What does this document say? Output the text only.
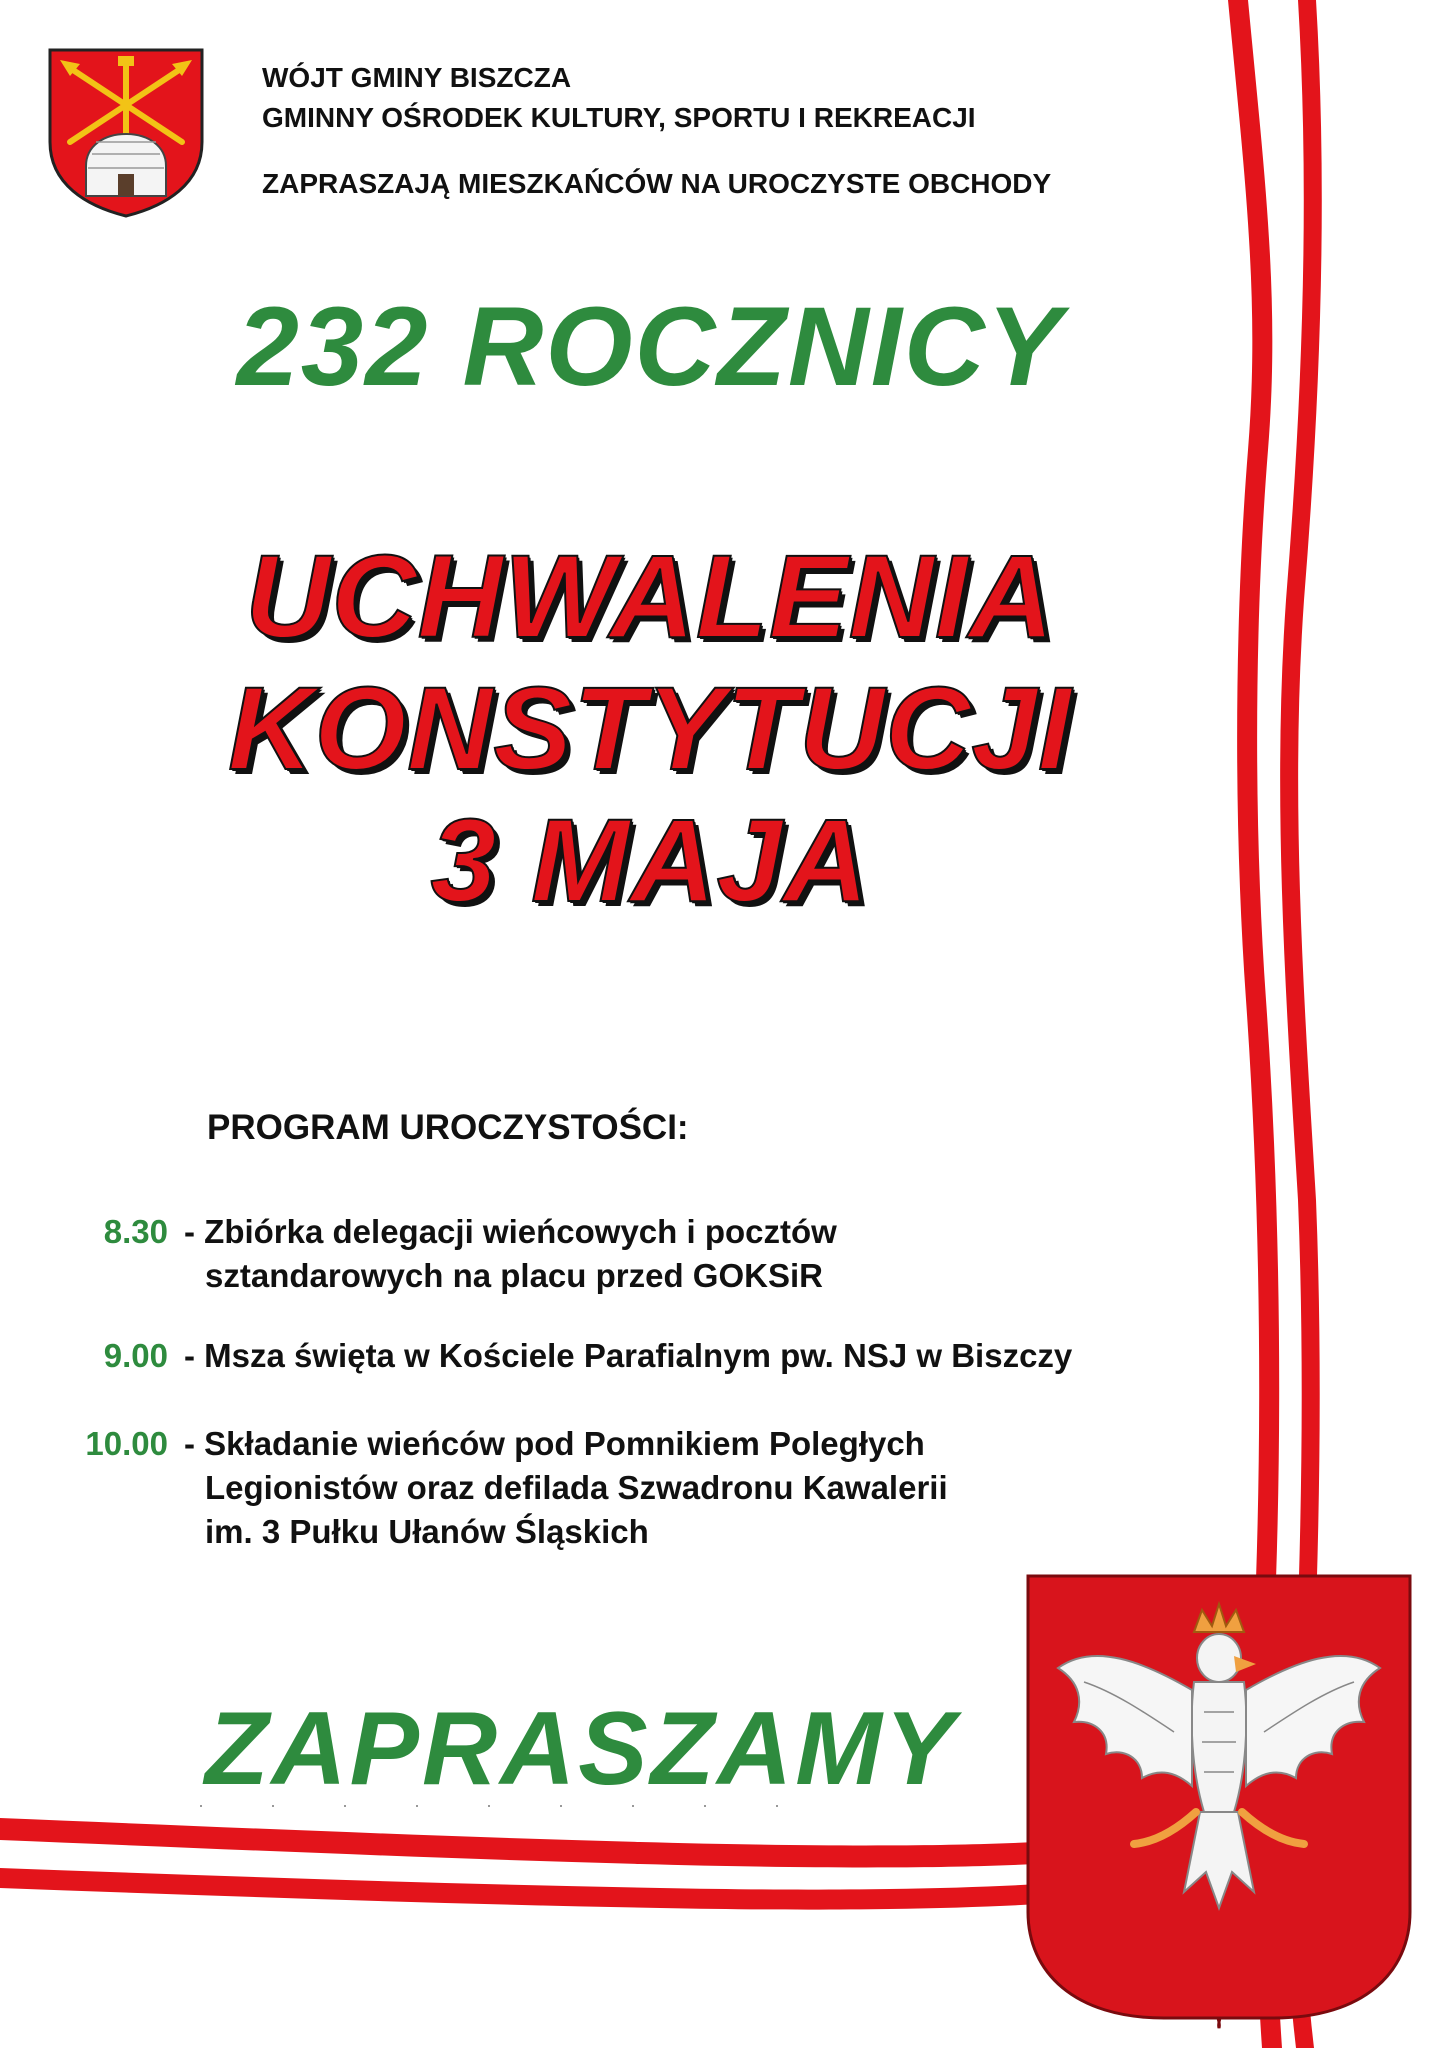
WÓJT GMINY BISZCZA
GMINNY OŚRODEK KULTURY, SPORTU I REKREACJI
ZAPRASZAJĄ MIESZKAŃCÓW NA UROCZYSTE OBCHODY
232 ROCZNICY
UCHWALENIA
KONSTYTUCJI
3 MAJA
PROGRAM UROCZYSTOŚCI:
8.30 - Zbiórka delegacji wieńcowych i pocztów
sztandarowych na placu przed GOKSiR
9.00 - Msza święta w Kościele Parafialnym pw. NSJ w Biszczy
10.00 - Składanie wieńców pod Pomnikiem Poległych
Legionistów oraz defilada Szwadronu Kawalerii
im. 3 Pułku Ułanów Śląskich
ZAPRASZAMY
